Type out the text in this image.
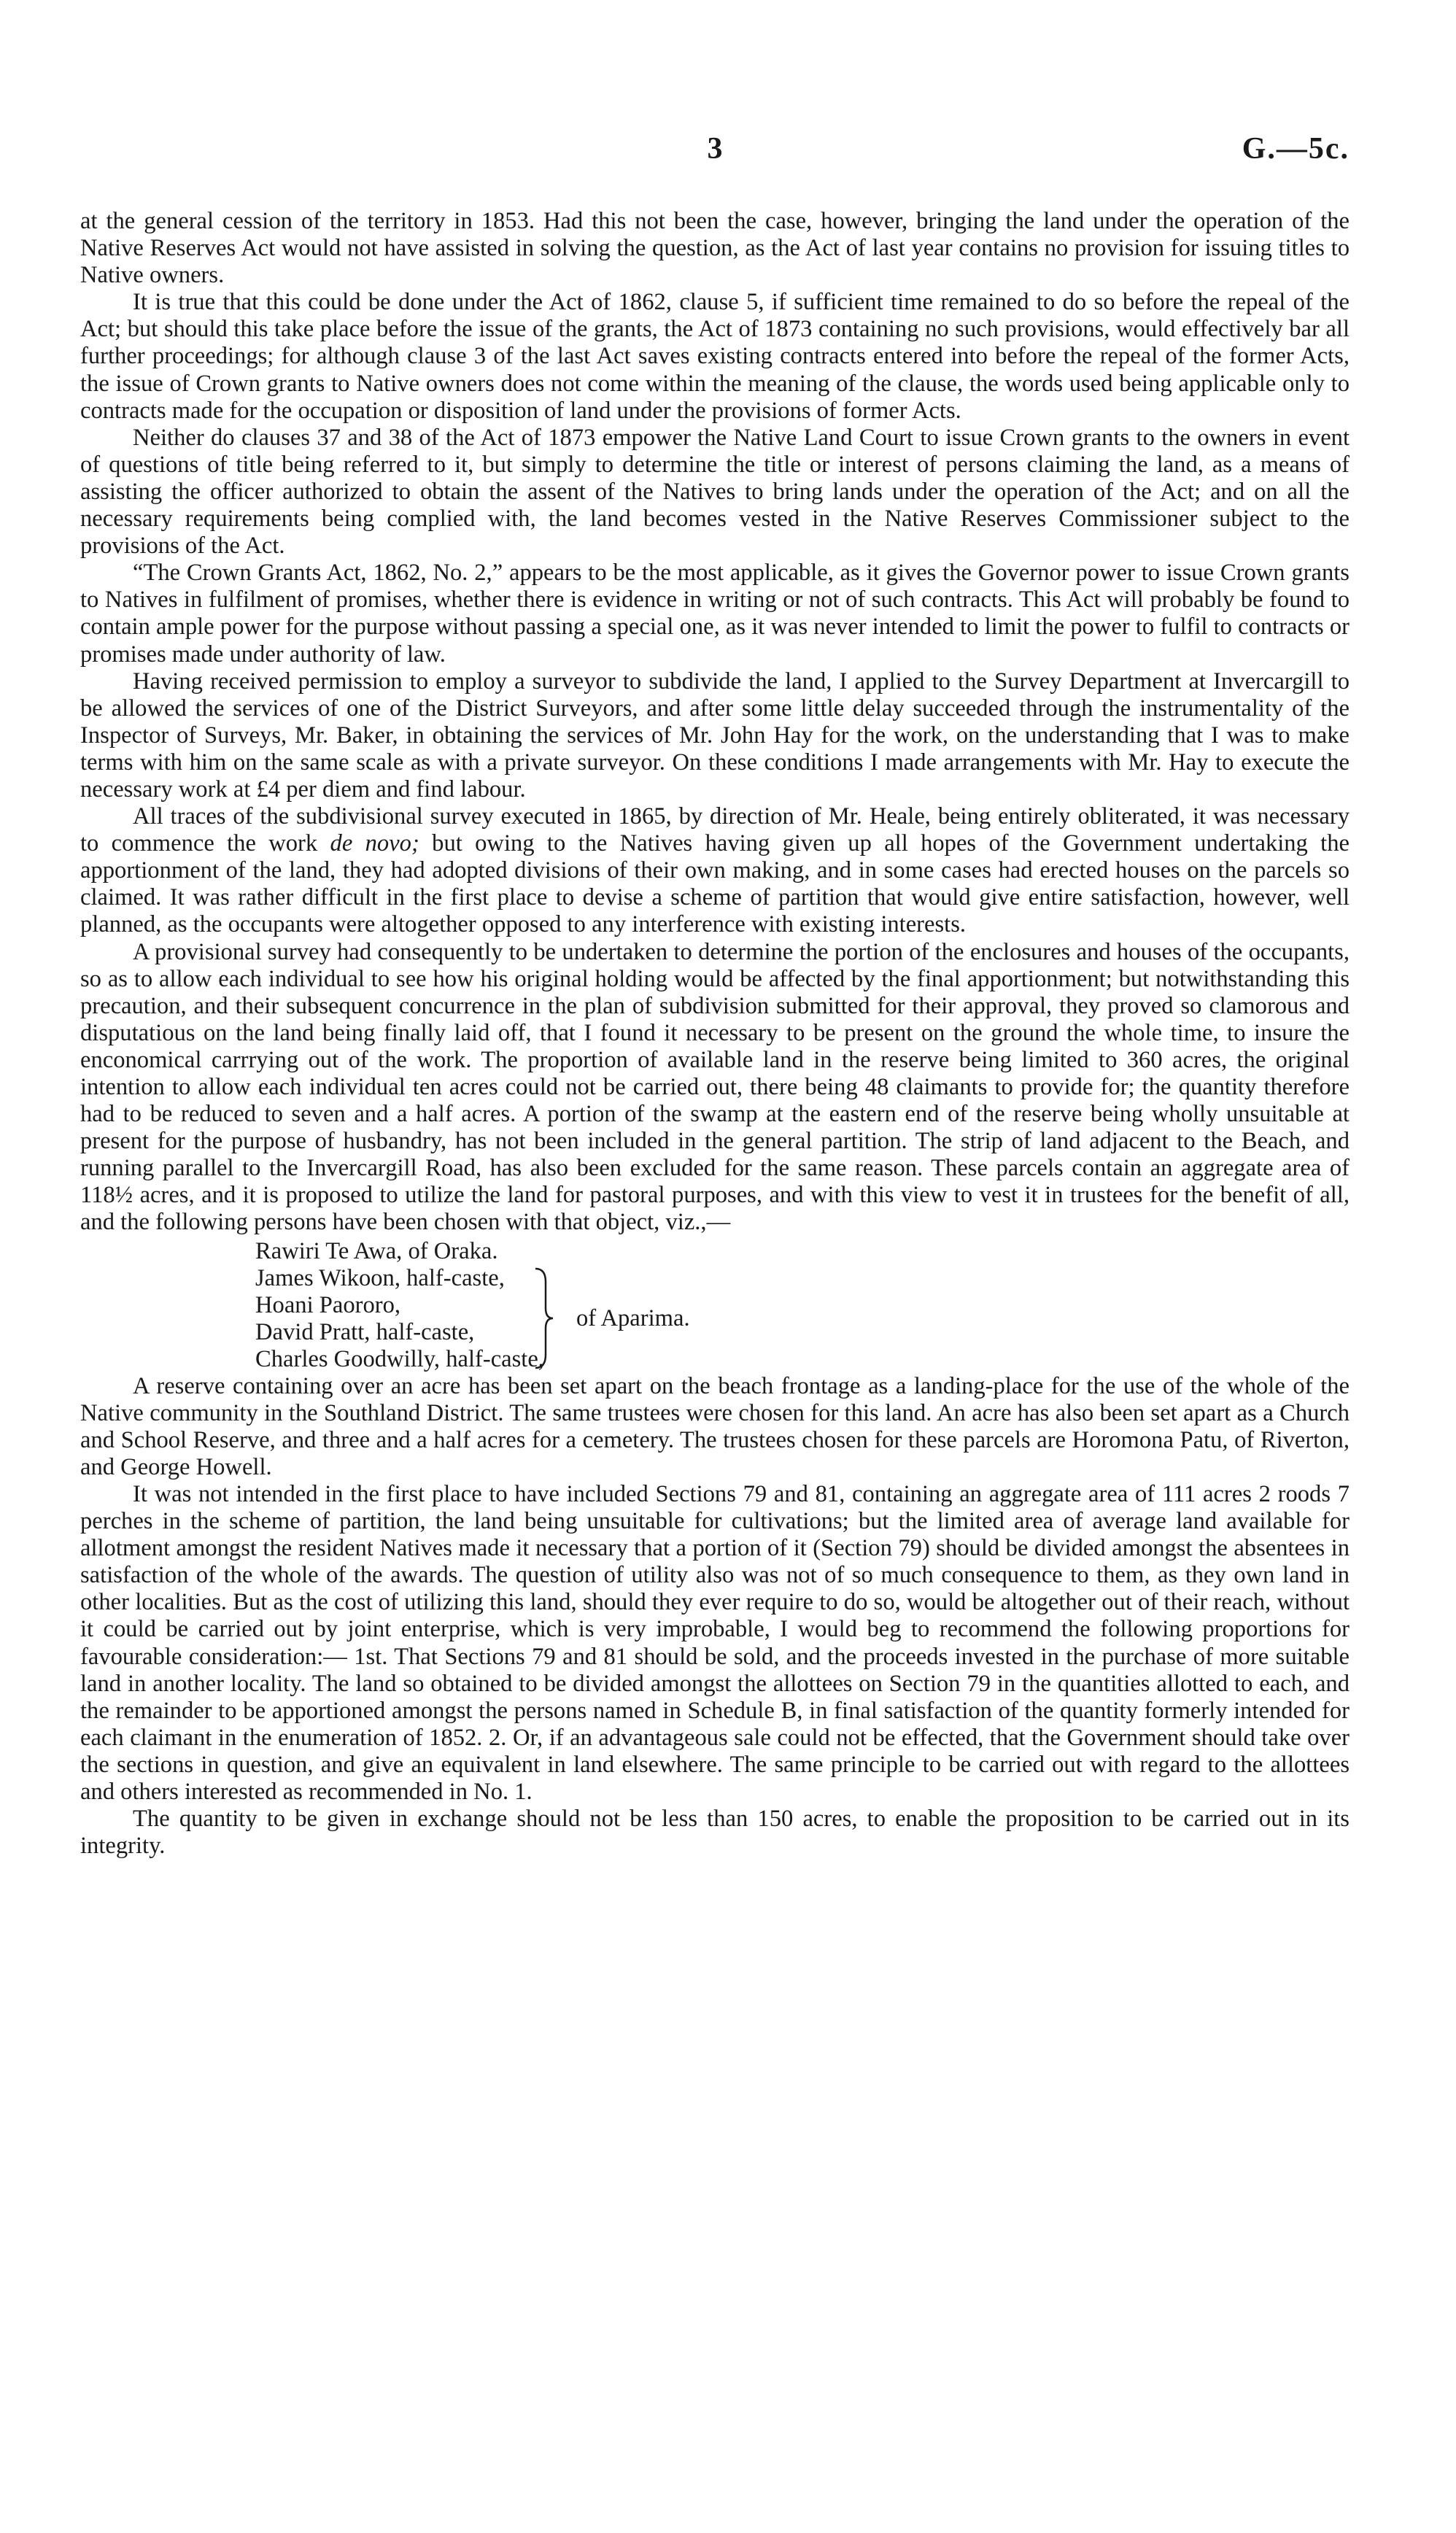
3	G.—5c.

at the general cession of the territory in 1853. Had this not been the case, however, bringing the land under the operation of the Native Reserves Act would not have assisted in solving the question, as the Act of last year contains no provision for issuing titles to Native owners.

It is true that this could be done under the Act of 1862, clause 5, if sufficient time remained to do so before the repeal of the Act; but should this take place before the issue of the grants, the Act of 1873 containing no such provisions, would effectively bar all further proceedings; for although clause 3 of the last Act saves existing contracts entered into before the repeal of the former Acts, the issue of Crown grants to Native owners does not come within the meaning of the clause, the words used being applicable only to contracts made for the occupation or disposition of land under the provisions of former Acts.

Neither do clauses 37 and 38 of the Act of 1873 empower the Native Land Court to issue Crown grants to the owners in event of questions of title being referred to it, but simply to determine the title or interest of persons claiming the land, as a means of assisting the officer authorized to obtain the assent of the Natives to bring lands under the operation of the Act; and on all the necessary requirements being complied with, the land becomes vested in the Native Reserves Commissioner subject to the provisions of the Act.

“The Crown Grants Act, 1862, No. 2,” appears to be the most applicable, as it gives the Governor power to issue Crown grants to Natives in fulfilment of promises, whether there is evidence in writing or not of such contracts. This Act will probably be found to contain ample power for the purpose without passing a special one, as it was never intended to limit the power to fulfil to contracts or promises made under authority of law.

Having received permission to employ a surveyor to subdivide the land, I applied to the Survey Department at Invercargill to be allowed the services of one of the District Surveyors, and after some little delay succeeded through the instrumentality of the Inspector of Surveys, Mr. Baker, in obtaining the services of Mr. John Hay for the work, on the understanding that I was to make terms with him on the same scale as with a private surveyor. On these conditions I made arrangements with Mr. Hay to execute the necessary work at £4 per diem and find labour.

All traces of the subdivisional survey executed in 1865, by direction of Mr. Heale, being entirely obliterated, it was necessary to commence the work de novo; but owing to the Natives having given up all hopes of the Government undertaking the apportionment of the land, they had adopted divisions of their own making, and in some cases had erected houses on the parcels so claimed. It was rather difficult in the first place to devise a scheme of partition that would give entire satisfaction, however, well planned, as the occupants were altogether opposed to any interference with existing interests.

A provisional survey had consequently to be undertaken to determine the portion of the enclosures and houses of the occupants, so as to allow each individual to see how his original holding would be affected by the final apportionment; but notwithstanding this precaution, and their subsequent concurrence in the plan of subdivision submitted for their approval, they proved so clamorous and disputatious on the land being finally laid off, that I found it necessary to be present on the ground the whole time, to insure the enconomical carrrying out of the work. The proportion of available land in the reserve being limited to 360 acres, the original intention to allow each individual ten acres could not be carried out, there being 48 claimants to provide for; the quantity therefore had to be reduced to seven and a half acres. A portion of the swamp at the eastern end of the reserve being wholly unsuitable at present for the purpose of husbandry, has not been included in the general partition. The strip of land adjacent to the Beach, and running parallel to the Invercargill Road, has also been excluded for the same reason. These parcels contain an aggregate area of 118½ acres, and it is proposed to utilize the land for pastoral purposes, and with this view to vest it in trustees for the benefit of all, and the following persons have been chosen with that object, viz.,—

Rawiri Te Awa, of Oraka.
James Wikoon, half-caste,
Hoani Paororo,
David Pratt, half-caste,
Charles Goodwilly, half-caste,
of Aparima.

A reserve containing over an acre has been set apart on the beach frontage as a landing-place for the use of the whole of the Native community in the Southland District. The same trustees were chosen for this land. An acre has also been set apart as a Church and School Reserve, and three and a half acres for a cemetery. The trustees chosen for these parcels are Horomona Patu, of Riverton, and George Howell.

It was not intended in the first place to have included Sections 79 and 81, containing an aggregate area of 111 acres 2 roods 7 perches in the scheme of partition, the land being unsuitable for cultivations; but the limited area of average land available for allotment amongst the resident Natives made it necessary that a portion of it (Section 79) should be divided amongst the absentees in satisfaction of the whole of the awards. The question of utility also was not of so much consequence to them, as they own land in other localities. But as the cost of utilizing this land, should they ever require to do so, would be altogether out of their reach, without it could be carried out by joint enterprise, which is very improbable, I would beg to recommend the following proportions for favourable consideration:— 1st. That Sections 79 and 81 should be sold, and the proceeds invested in the purchase of more suitable land in another locality. The land so obtained to be divided amongst the allottees on Section 79 in the quantities allotted to each, and the remainder to be apportioned amongst the persons named in Schedule B, in final satisfaction of the quantity formerly intended for each claimant in the enumeration of 1852. 2. Or, if an advantageous sale could not be effected, that the Government should take over the sections in question, and give an equivalent in land elsewhere. The same principle to be carried out with regard to the allottees and others interested as recommended in No. 1.

The quantity to be given in exchange should not be less than 150 acres, to enable the proposition to be carried out in its integrity.
